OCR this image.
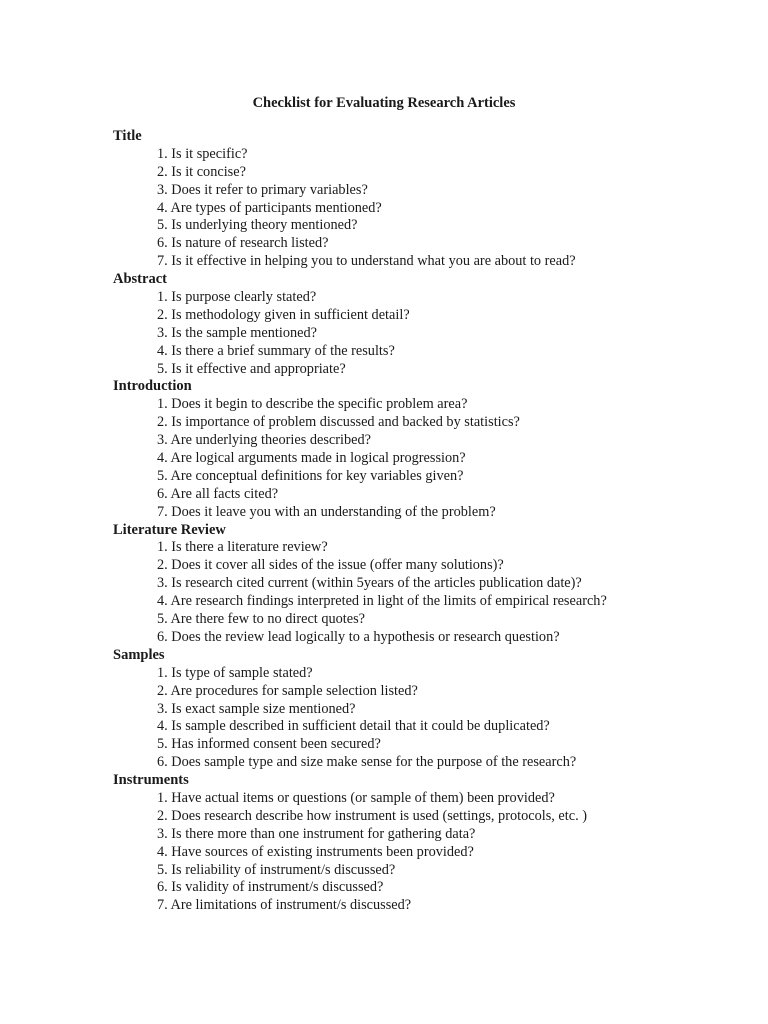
Checklist for Evaluating Research Articles
Title
1. Is it specific?
2. Is it concise?
3. Does it refer to primary variables?
4. Are types of participants mentioned?
5. Is underlying theory mentioned?
6. Is nature of research listed?
7. Is it effective in helping you to understand what you are about to read?
Abstract
1. Is purpose clearly stated?
2. Is methodology given in sufficient detail?
3. Is the sample mentioned?
4. Is there a brief summary of the results?
5. Is it effective and appropriate?
Introduction
1. Does it begin to describe the specific problem area?
2. Is importance of problem discussed and backed by statistics?
3. Are underlying theories described?
4. Are logical arguments made in logical progression?
5. Are conceptual definitions for key variables given?
6. Are all facts cited?
7. Does it leave you with an understanding of the problem?
Literature Review
1. Is there a literature review?
2. Does it cover all sides of the issue (offer many solutions)?
3. Is research cited current (within 5years of the articles publication date)?
4. Are research findings interpreted in light of the limits of empirical research?
5. Are there few to no direct quotes?
6. Does the review lead logically to a hypothesis or research question?
Samples
1. Is type of sample stated?
2. Are procedures for sample selection listed?
3. Is exact sample size mentioned?
4. Is sample described in sufficient detail that it could be duplicated?
5. Has informed consent been secured?
6. Does sample type and size make sense for the purpose of the research?
Instruments
1. Have actual items or questions (or sample of them) been provided?
2. Does research describe how instrument is used (settings, protocols, etc. )
3. Is there more than one instrument for gathering data?
4. Have sources of existing instruments been provided?
5. Is reliability of instrument/s discussed?
6. Is validity of instrument/s discussed?
7. Are limitations of instrument/s discussed?
